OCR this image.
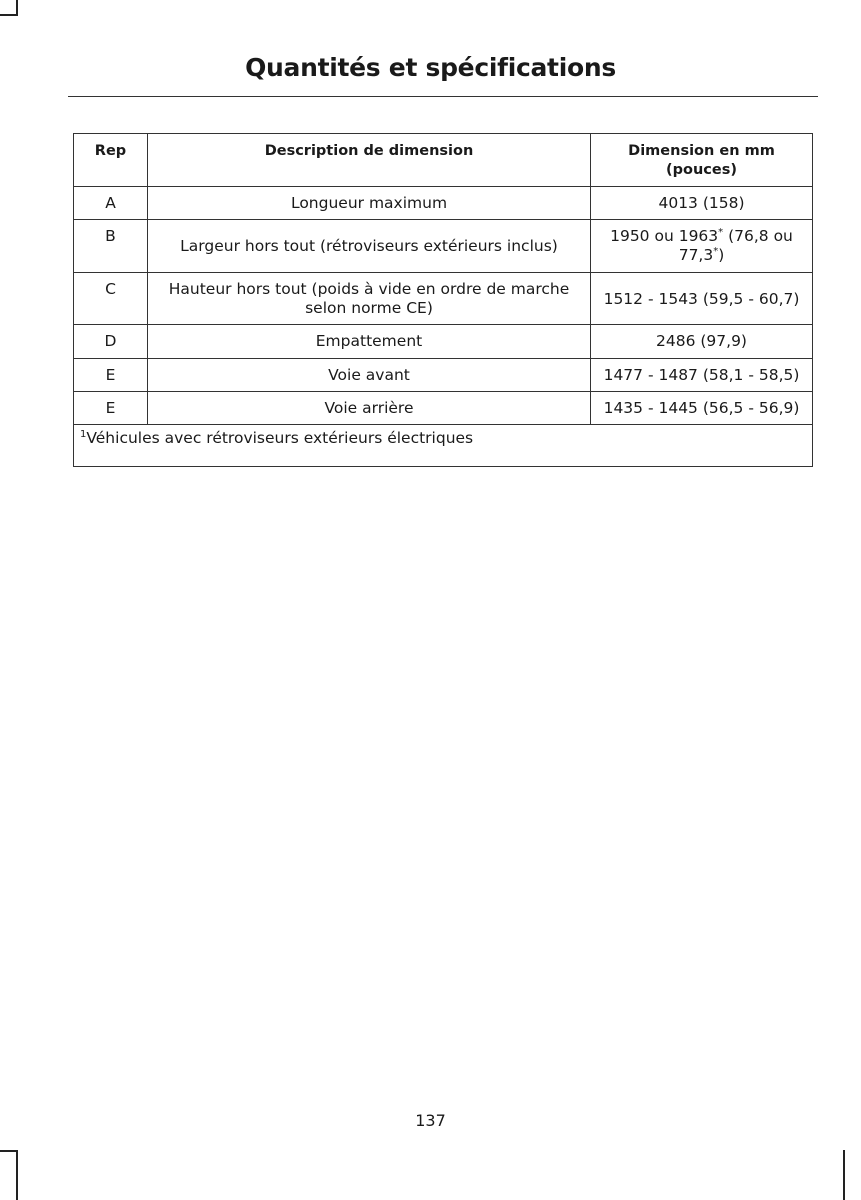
Quantités et spécifications
Rep	Description de dimension	Dimension en mm (pouces)
A	Longueur maximum	4013 (158)
B	Largeur hors tout (rétroviseurs extérieurs inclus)	1950 ou 1963* (76,8 ou 77,3*)
C	Hauteur hors tout (poids à vide en ordre de marche selon norme CE)	1512 - 1543 (59,5 - 60,7)
D	Empattement	2486 (97,9)
E	Voie avant	1477 - 1487 (58,1 - 58,5)
E	Voie arrière	1435 - 1445 (56,5 - 56,9)
$^1$Véhicules avec rétroviseurs extérieurs électriques		
137
